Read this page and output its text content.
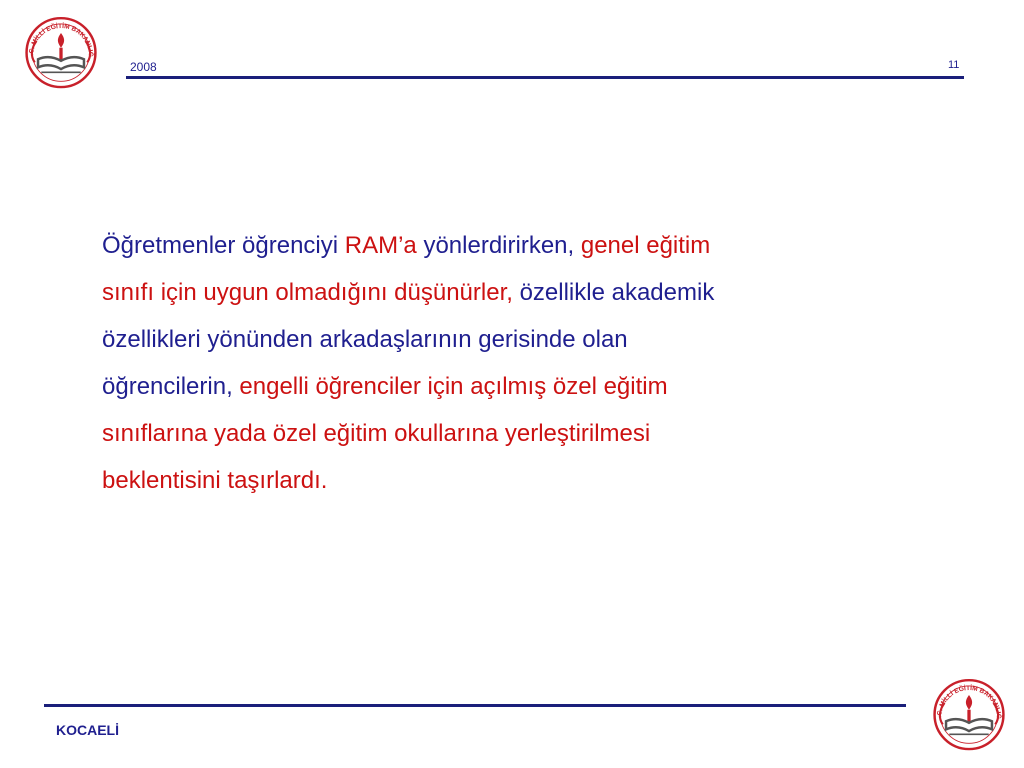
.C. MİLLİ EĞİTİM BAKANLIĞ
2008	11

Öğretmenler öğrenciyi RAM’a yönlerdirirken, genel eğitim
sınıfı için uygun olmadığını düşünürler, özellikle akademik
özellikleri yönünden arkadaşlarının gerisinde olan
öğrencilerin, engelli öğrenciler için açılmış özel eğitim
sınıflarına yada özel eğitim okullarına yerleştirilmesi
beklentisini taşırlardı.

KOCAELİ
.C. MİLLİ EĞİTİM BAKANLIĞ
